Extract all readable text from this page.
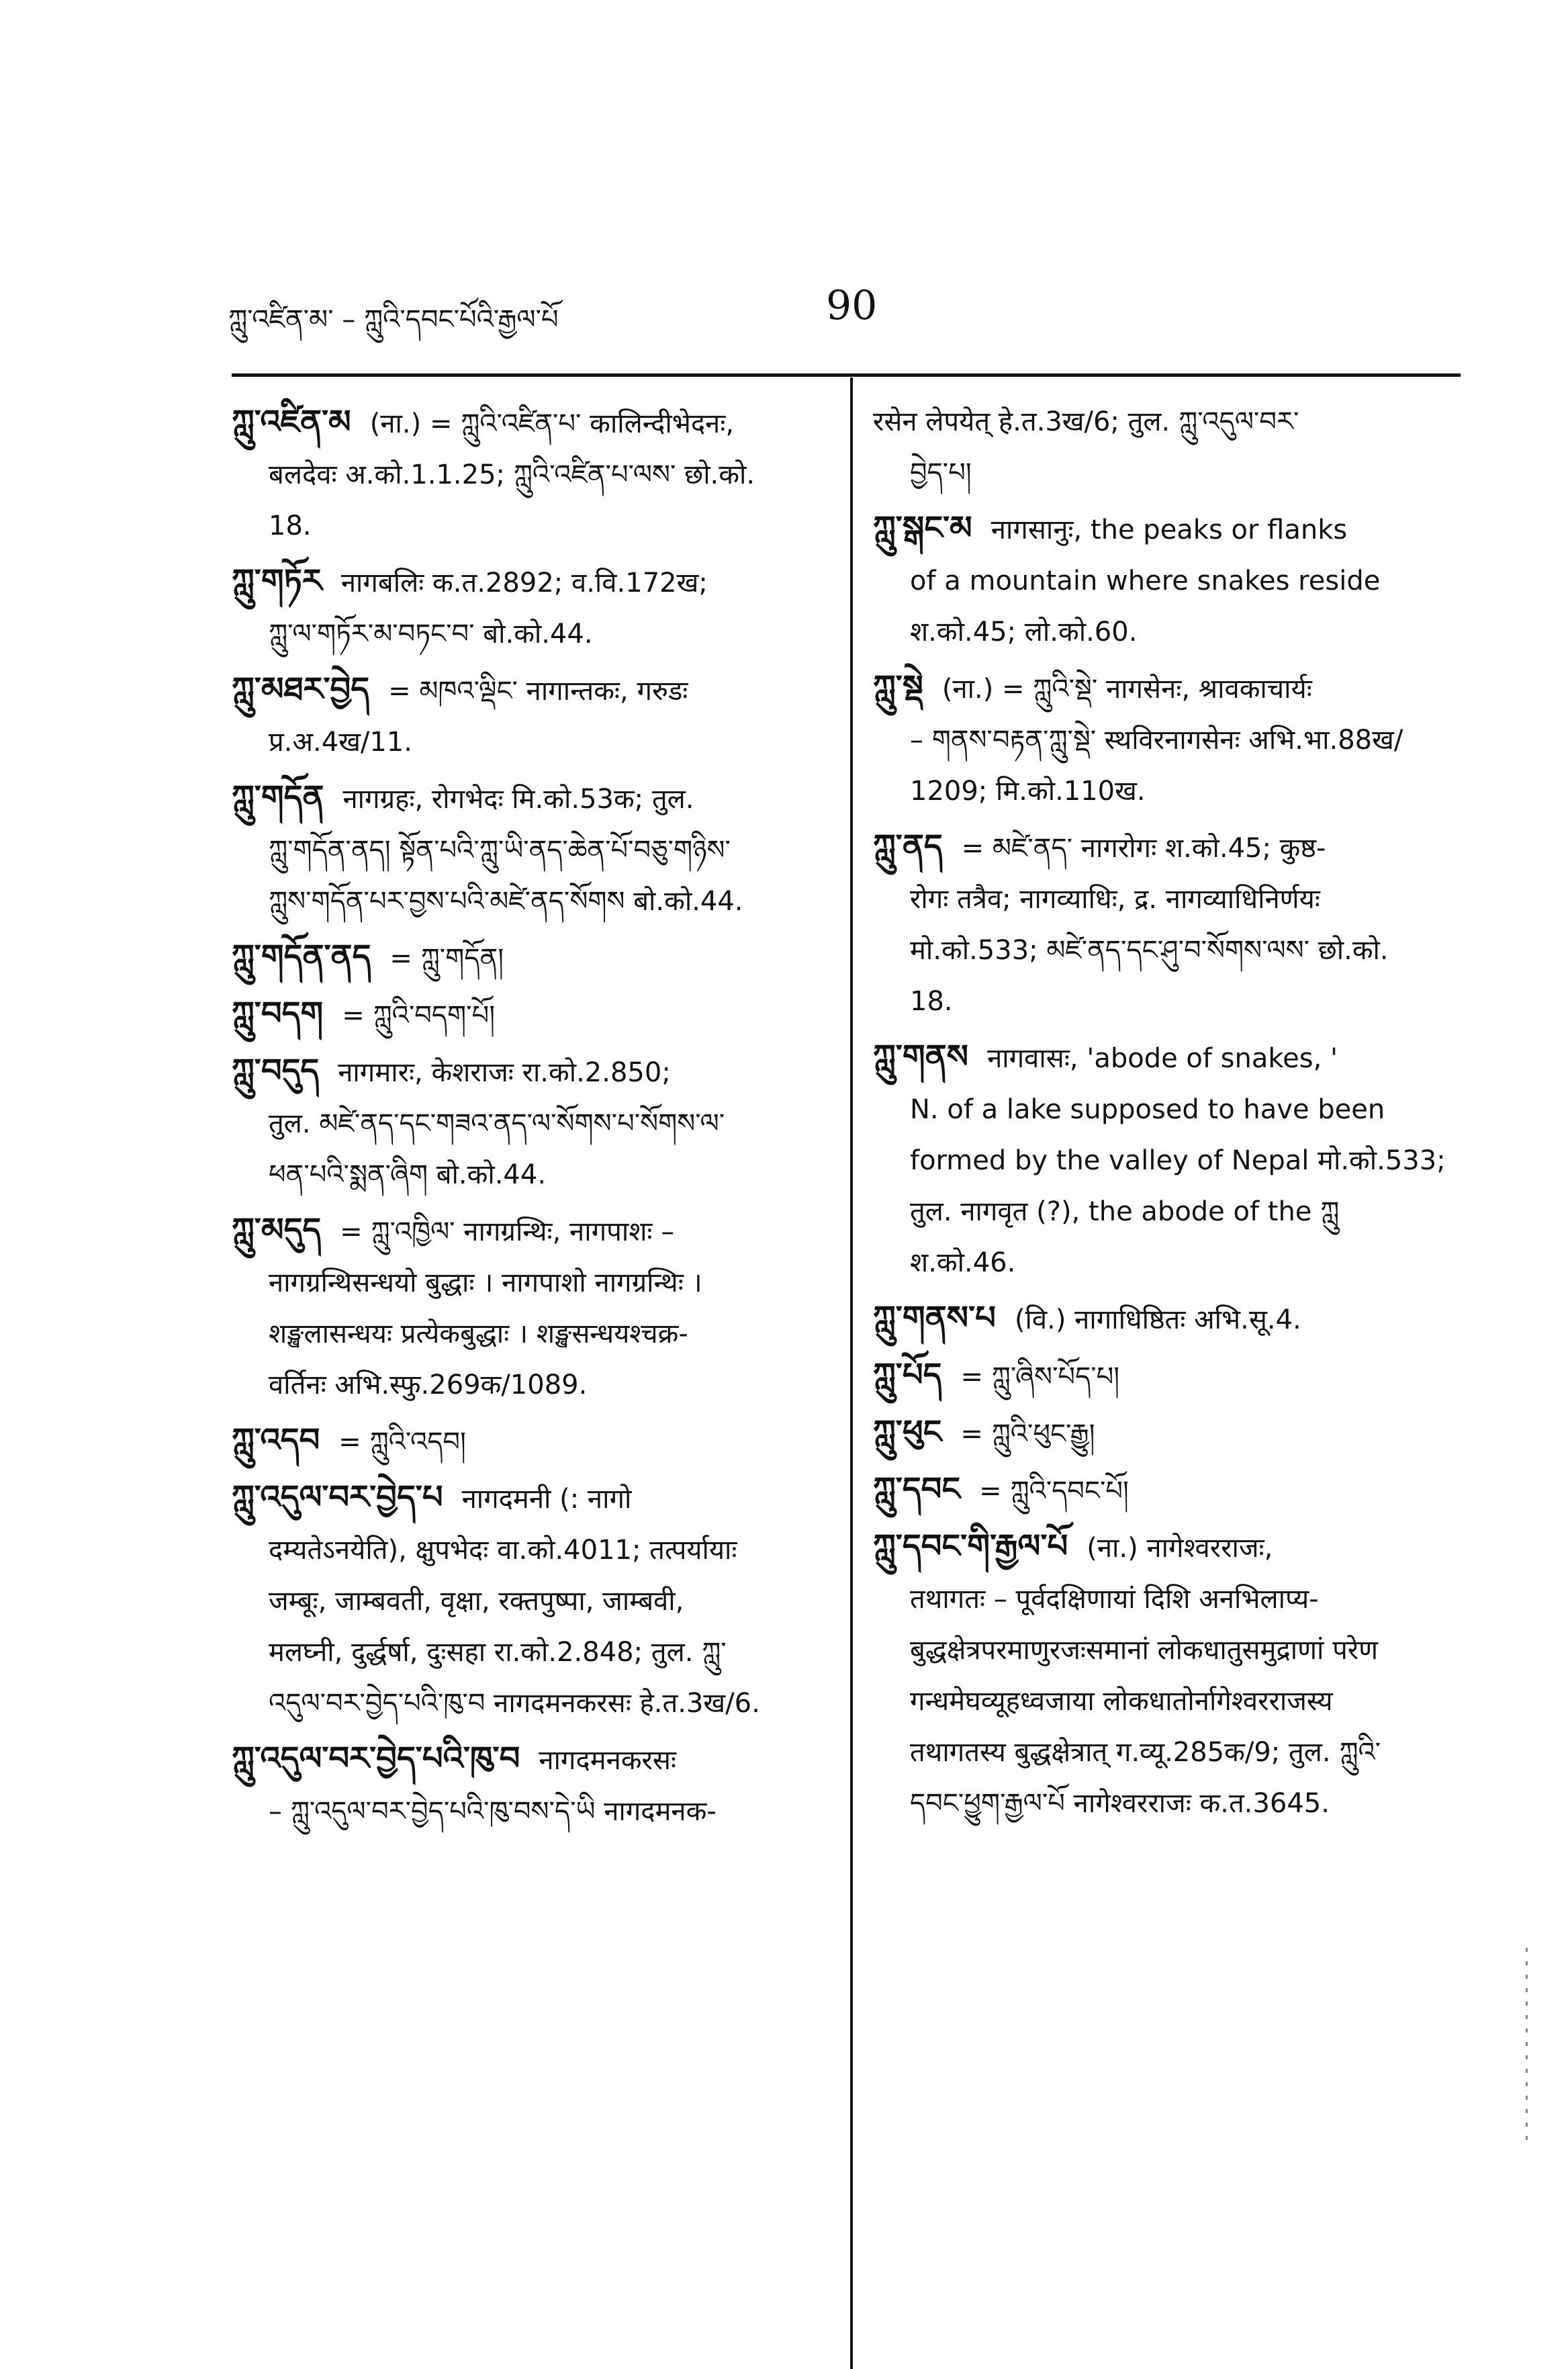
ཀླུ་འཛིན་མ་ – ཀླུའི་དབང་པོའི་རྒྱལ་པོ	90
ཀླུ་འཛིན་མ (ना.) = ཀླུའི་འཛིན་པ་ कालिन्दीभेदनः,
बलदेवः अ.को.1.1.25; ཀླུའི་འཛིན་པ་ལས་ छो.को.
18.
ཀླུ་གཏོར नागबलिः क.त.2892; व.वि.172ख;
ཀླུ་ལ་གཏོར་མ་བཏང་བ་ बो.को.44.
ཀླུ་མཐར་བྱེད = མཁའ་ལྡིང་ नागान्तकः, गरुडः
प्र.अ.4ख/11.
ཀླུ་གདོན नागग्रहः, रोगभेदः मि.को.53क; तुल.
ཀླུ་གདོན་ནད། སྟོན་པའི་ཀླུ་ཡི་ནད་ཆེན་པོ་བཅུ་གཉིས་
ཀླུས་གདོན་པར་བྱས་པའི་མཛེ་ནད་སོགས बो.को.44.
ཀླུ་གདོན་ནད = ཀླུ་གདོན།
ཀླུ་བདག = ཀླུའི་བདག་པོ།
ཀླུ་བདུད नागमारः, केशराजः रा.को.2.850;
तुल. མཛེ་ནད་དང་གཟའ་ནད་ལ་སོགས་པ་སོགས་ལ་
ཕན་པའི་སྨན་ཞིག बो.को.44.
ཀླུ་མདུད = ཀླུ་འཁྱིལ་ नागग्रन्थिः, नागपाशः –
नागग्रन्थिसन्धयो बुद्धाः । नागपाशो नागग्रन्थिः ।
शङ्खलासन्धयः प्रत्येकबुद्धाः । शङ्खसन्धयश्चक्र-
वर्तिनः अभि.स्फु.269क/1089.
ཀླུ་འདབ = ཀླུའི་འདབ།
ཀླུ་འདུལ་བར་བྱེད་པ नागदमनी (: नागो
दम्यतेऽनयेति), क्षुपभेदः वा.को.4011; तत्पर्यायाः
जम्बूः, जाम्बवती, वृक्षा, रक्तपुष्पा, जाम्बवी,
मलघ्नी, दुर्द्धर्षा, दुःसहा रा.को.2.848; तुल. ཀླུ་
འདུལ་བར་བྱེད་པའི་ཁུ་བ नागदमनकरसः हे.त.3ख/6.
ཀླུ་འདུལ་བར་བྱེད་པའི་ཁུ་བ नागदमनकरसः
– ཀླུ་འདུལ་བར་བྱེད་པའི་ཁུ་བས་དེ་ཡི नागदमनक-
रसेन लेपयेत् हे.त.3ख/6; तुल. ཀླུ་འདུལ་བར་
བྱེད་པ།
ཀླུ་སྒང་མ नागसानुः, the peaks or flanks
of a mountain where snakes reside
श.को.45; लो.को.60.
ཀླུ་སྡེ (ना.) = ཀླུའི་སྡེ་ नागसेनः, श्रावकाचार्यः
– གནས་བརྟན་ཀླུ་སྡེ་ स्थविरनागसेनः अभि.भा.88ख/
1209; मि.को.110ख.
ཀླུ་ནད = མཛེ་ནད་ नागरोगः श.को.45; कुष्ठ-
रोगः तत्रैव; नागव्याधिः, द्र. नागव्याधिनिर्णयः
मो.को.533; མཛེ་ནད་དང་ཤུ་བ་སོགས་ལས་ छो.को.
18.
ཀླུ་གནས नागवासः, 'abode of snakes, '
N. of a lake supposed to have been
formed by the valley of Nepal मो.को.533;
तुल. नागवृत (?), the abode of the ཀླུ
श.को.46.
ཀླུ་གནས་པ (वि.) नागाधिष्ठितः अभि.सू.4.
ཀླུ་པོད = ཀླུ་ཞིས་པོད་པ།
ཀླུ་ཕུང = ཀླུའི་ཕུང་རྒྱུ།
ཀླུ་དབང = ཀླུའི་དབང་པོ།
ཀླུ་དབང་གི་རྒྱལ་པོ (ना.) नागेश्वरराजः,
तथागतः – पूर्वदक्षिणायां दिशि अनभिलाप्य-
बुद्धक्षेत्रपरमाणुरजःसमानां लोकधातुसमुद्राणां परेण
गन्धमेघव्यूहध्वजाया लोकधातोर्नागेश्वरराजस्य
तथागतस्य बुद्धक्षेत्रात् ग.व्यू.285क/9; तुल. ཀླུའི་
དབང་ཕྱུག་རྒྱལ་པོ नागेश्वरराजः क.त.3645.
